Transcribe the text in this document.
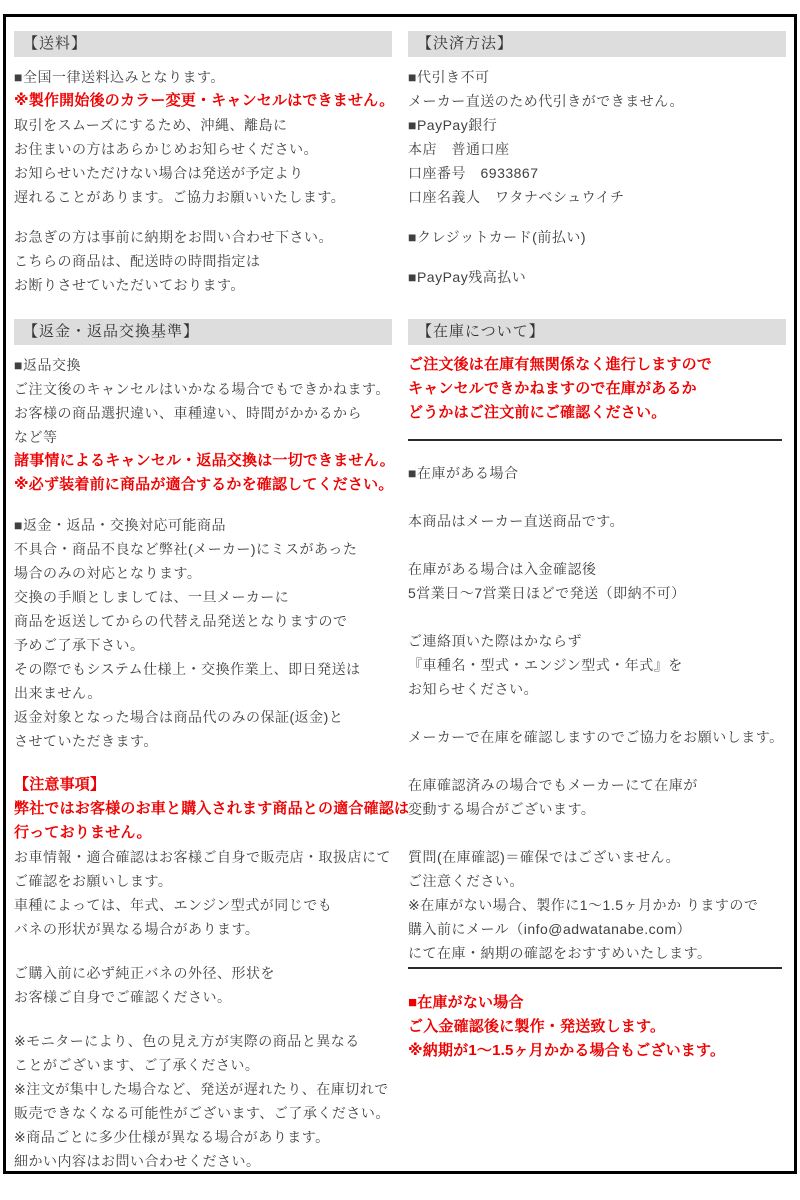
【送料】
■全国一律送料込みとなります。
※製作開始後のカラー変更・キャンセルはできません。
取引をスムーズにするため、沖縄、離島に
お住まいの方はあらかじめお知らせください。
お知らせいただけない場合は発送が予定より
遅れることがあります。ご協力お願いいたします。
お急ぎの方は事前に納期をお問い合わせ下さい。
こちらの商品は、配送時の時間指定は
お断りさせていただいております。
【返金・返品交換基準】
■返品交換
ご注文後のキャンセルはいかなる場合でもできかねます。
お客様の商品選択違い、車種違い、時間がかかるから
など等
諸事情によるキャンセル・返品交換は一切できません。
※必ず装着前に商品が適合するかを確認してください。
■返金・返品・交換対応可能商品
不具合・商品不良など弊社(メーカー)にミスがあった
場合のみの対応となります。
交換の手順としましては、一旦メーカーに
商品を返送してからの代替え品発送となりますので
予めご了承下さい。
その際でもシステム仕様上・交換作業上、即日発送は
出来ません。
返金対象となった場合は商品代のみの保証(返金)と
させていただきます。
【注意事項】
弊社ではお客様のお車と購入されます商品との適合確認は
行っておりません。
お車情報・適合確認はお客様ご自身で販売店・取扱店にて
ご確認をお願いします。
車種によっては、年式、エンジン型式が同じでも
バネの形状が異なる場合があります。
ご購入前に必ず純正バネの外径、形状を
お客様ご自身でご確認ください。
※モニターにより、色の見え方が実際の商品と異なる
ことがございます、ご了承ください。
※注文が集中した場合など、発送が遅れたり、在庫切れで
販売できなくなる可能性がございます、ご了承ください。
※商品ごとに多少仕様が異なる場合があります。
細かい内容はお問い合わせください。
【決済方法】
■代引き不可
メーカー直送のため代引きができません。
■PayPay銀行
本店　普通口座
口座番号　6933867
口座名義人　ワタナベシュウイチ
■クレジットカード(前払い)
■PayPay残高払い
【在庫について】
ご注文後は在庫有無関係なく進行しますので
キャンセルできかねますので在庫があるか
どうかはご注文前にご確認ください。
■在庫がある場合
本商品はメーカー直送商品です。
在庫がある場合は入金確認後
5営業日～7営業日ほどで発送（即納不可）
ご連絡頂いた際はかならず
『車種名・型式・エンジン型式・年式』を
お知らせください。
メーカーで在庫を確認しますのでご協力をお願いします。
在庫確認済みの場合でもメーカーにて在庫が
変動する場合がございます。
質問(在庫確認)＝確保ではございません。
ご注意ください。
※在庫がない場合、製作に1～1.5ヶ月かか りますので
購入前にメール（info@adwatanabe.com）
にて在庫・納期の確認をおすすめいたします。
■在庫がない場合
ご入金確認後に製作・発送致します。
※納期が1～1.5ヶ月かかる場合もございます。
